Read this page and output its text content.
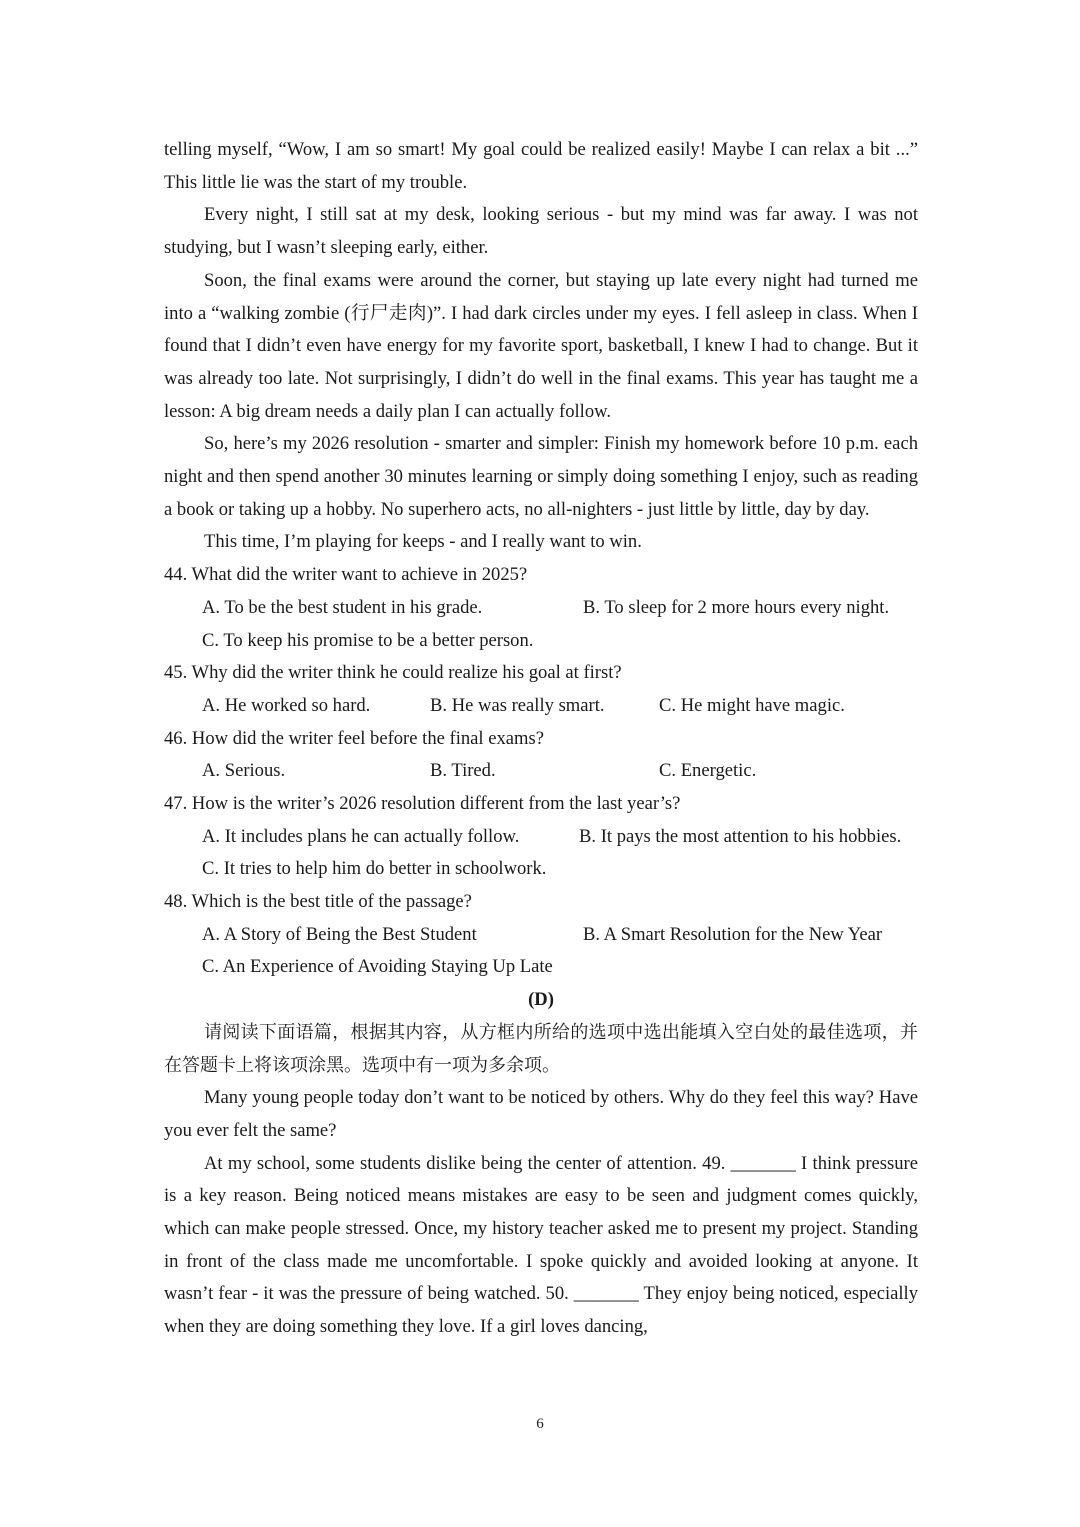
telling myself, “Wow, I am so smart! My goal could be realized easily! Maybe I can relax a bit ...” This little lie was the start of my trouble.

Every night, I still sat at my desk, looking serious - but my mind was far away. I was not studying, but I wasn’t sleeping early, either.

Soon, the final exams were around the corner, but staying up late every night had turned me into a “walking zombie (行尸走肉)”. I had dark circles under my eyes. I fell asleep in class. When I found that I didn’t even have energy for my favorite sport, basketball, I knew I had to change. But it was already too late. Not surprisingly, I didn’t do well in the final exams. This year has taught me a lesson: A big dream needs a daily plan I can actually follow.

So, here’s my 2026 resolution - smarter and simpler: Finish my homework before 10 p.m. each night and then spend another 30 minutes learning or simply doing something I enjoy, such as reading a book or taking up a hobby. No superhero acts, no all-nighters - just little by little, day by day.

This time, I’m playing for keeps - and I really want to win.

44. What did the writer want to achieve in 2025?

A. To be the best student in his grade.	B. To sleep for 2 more hours every night.
C. To keep his promise to be a better person.

45. Why did the writer think he could realize his goal at first?

A. He worked so hard.	B. He was really smart.	C. He might have magic.

46. How did the writer feel before the final exams?

A. Serious.	B. Tired.	C. Energetic.

47. How is the writer’s 2026 resolution different from the last year’s?

A. It includes plans he can actually follow.	B. It pays the most attention to his hobbies.
C. It tries to help him do better in schoolwork.

48. Which is the best title of the passage?

A. A Story of Being the Best Student	B. A Smart Resolution for the New Year
C. An Experience of Avoiding Staying Up Late

(D)

请阅读下面语篇，根据其内容，从方框内所给的选项中选出能填入空白处的最佳选项，并在答题卡上将该项涂黑。选项中有一项为多余项。

Many young people today don’t want to be noticed by others. Why do they feel this way? Have you ever felt the same?

At my school, some students dislike being the center of attention. 49. _______ I think pressure is a key reason. Being noticed means mistakes are easy to be seen and judgment comes quickly, which can make people stressed. Once, my history teacher asked me to present my project. Standing in front of the class made me uncomfortable. I spoke quickly and avoided looking at anyone. It wasn’t fear - it was the pressure of being watched. 50. _______ They enjoy being noticed, especially when they are doing something they love. If a girl loves dancing,

6
